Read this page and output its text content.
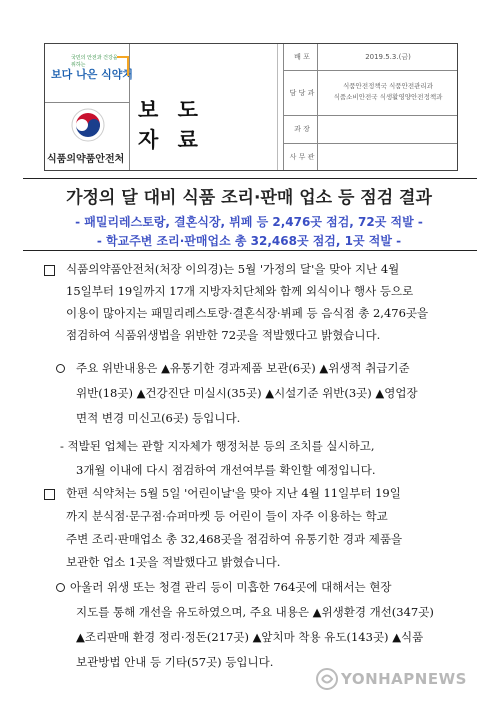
국민의 안전과 건강을 위하는
보다 나은 식약처
식품의약품안전처
보 도 자 료
배 포	2019.5.3.(금)
담 당 과
식품안전정책국 식품안전관리과
식품소비안전국 식생활영양안전정책과
과 장
사 무 관
가정의 달 대비 식품 조리·판매 업소 등 점검 결과
- 패밀리레스토랑, 결혼식장, 뷔페 등 2,476곳 점검, 72곳 적발 -
- 학교주변 조리·판매업소 총 32,468곳 점검, 1곳 적발 -
식품의약품안전처(처장 이의경)는 5월 '가정의 달'을 맞아 지난 4월
15일부터 19일까지 17개 지방자치단체와 함께 외식이나 행사 등으로
이용이 많아지는 패밀리레스토랑·결혼식장·뷔페 등 음식점 총 2,476곳을
점검하여 식품위생법을 위반한 72곳을 적발했다고 밝혔습니다.
주요 위반내용은 ▲유통기한 경과제품 보관(6곳) ▲위생적 취급기준
위반(18곳) ▲건강진단 미실시(35곳) ▲시설기준 위반(3곳) ▲영업장
면적 변경 미신고(6곳) 등입니다.
- 적발된 업체는 관할 지자체가 행정처분 등의 조치를 실시하고,
3개월 이내에 다시 점검하여 개선여부를 확인할 예정입니다.
한편 식약처는 5월 5일 '어린이날'을 맞아 지난 4월 11일부터 19일
까지 분식점·문구점·슈퍼마켓 등 어린이 들이 자주 이용하는 학교
주변 조리·판매업소 총 32,468곳을 점검하여 유통기한 경과 제품을
보관한 업소 1곳을 적발했다고 밝혔습니다.
아울러 위생 또는 청결 관리 등이 미흡한 764곳에 대해서는 현장
지도를 통해 개선을 유도하였으며, 주요 내용은 ▲위생환경 개선(347곳)
▲조리판매 환경 정리·정돈(217곳) ▲앞치마 착용 유도(143곳) ▲식품
보관방법 안내 등 기타(57곳) 등입니다.
YONHAPNEWS
